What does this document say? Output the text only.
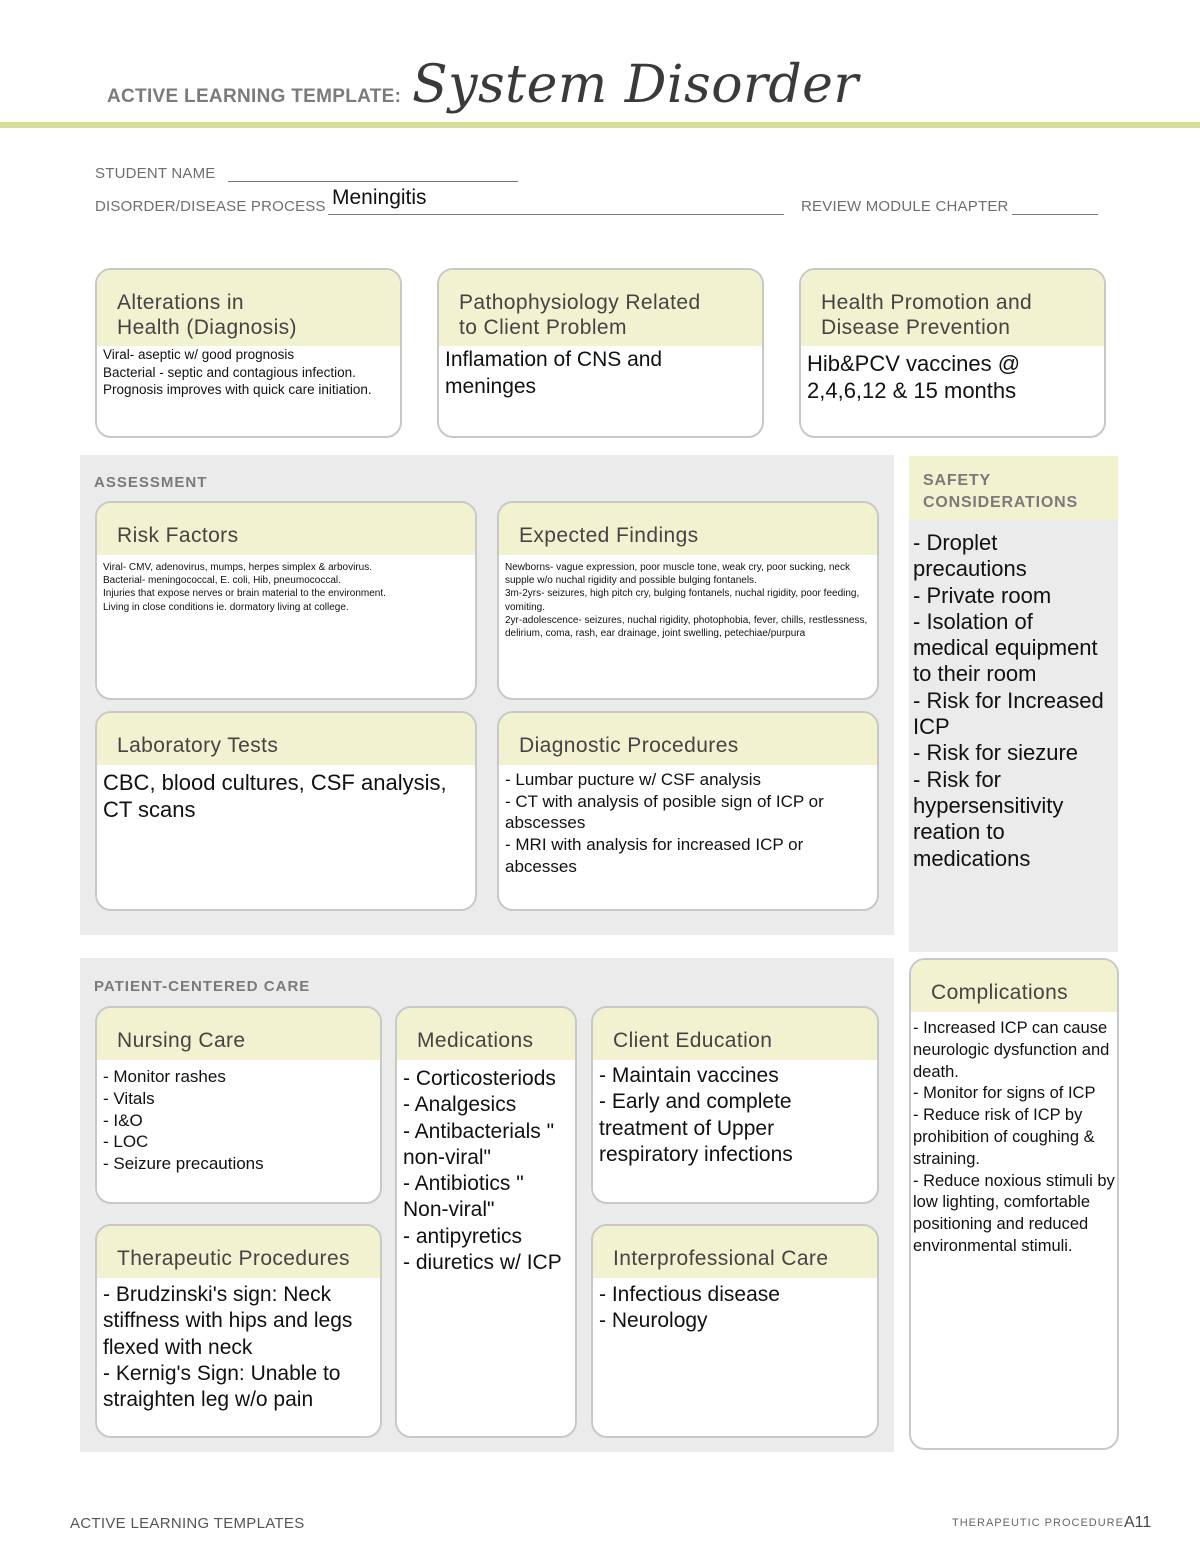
ACTIVE LEARNING TEMPLATE: System Disorder
STUDENT NAME
DISORDER/DISEASE PROCESS Meningitis	REVIEW MODULE CHAPTER
Alterations in
Health (Diagnosis)
Viral- aseptic w/ good prognosis
Bacterial - septic and contagious infection. Prognosis improves with quick care initiation.
Pathophysiology Related
to Client Problem
Inflamation of CNS and meninges
Health Promotion and
Disease Prevention
Hib&PCV vaccines @ 2,4,6,12 & 15 months
ASSESSMENT
Risk Factors
Viral- CMV, adenovirus, mumps, herpes simplex & arbovirus.
Bacterial- meningococcal, E. coli, Hib, pneumococcal.
Injuries that expose nerves or brain material to the environment.
Living in close conditions ie. dormatory living at college.
Expected Findings
Newborns- vague expression, poor muscle tone, weak cry, poor sucking, neck supple w/o nuchal rigidity and possible bulging fontanels.
3m-2yrs- seizures, high pitch cry, bulging fontanels, nuchal rigidity, poor feeding, vomiting.
2yr-adolescence- seizures, nuchal rigidity, photophobia, fever, chills, restlessness, delirium, coma, rash, ear drainage, joint swelling, petechiae/purpura
Laboratory Tests
CBC, blood cultures, CSF analysis, CT scans
Diagnostic Procedures
- Lumbar pucture w/ CSF analysis
- CT with analysis of posible sign of ICP or abscesses
- MRI with analysis for increased ICP or abcesses
SAFETY
CONSIDERATIONS
- Droplet precautions
- Private room
- Isolation of medical equipment to their room
- Risk for Increased ICP
- Risk for siezure
- Risk for hypersensitivity reation to medications
PATIENT-CENTERED CARE
Nursing Care
- Monitor rashes
- Vitals
- I&O
- LOC
- Seizure precautions
Medications
- Corticosteriods
- Analgesics
- Antibacterials " non-viral"
- Antibiotics " Non-viral"
- antipyretics
- diuretics w/ ICP
Client Education
- Maintain vaccines
- Early and complete treatment of Upper respiratory infections
Therapeutic Procedures
- Brudzinski's sign: Neck stiffness with hips and legs flexed with neck
- Kernig's Sign: Unable to straighten leg w/o pain
Interprofessional Care
- Infectious disease
- Neurology
Complications
- Increased ICP can cause neurologic dysfunction and death.
- Monitor for signs of ICP
- Reduce risk of ICP by prohibition of coughing & straining.
- Reduce noxious stimuli by low lighting, comfortable positioning and reduced environmental stimuli.
ACTIVE LEARNING TEMPLATES	THERAPEUTIC PROCEDURE A11
